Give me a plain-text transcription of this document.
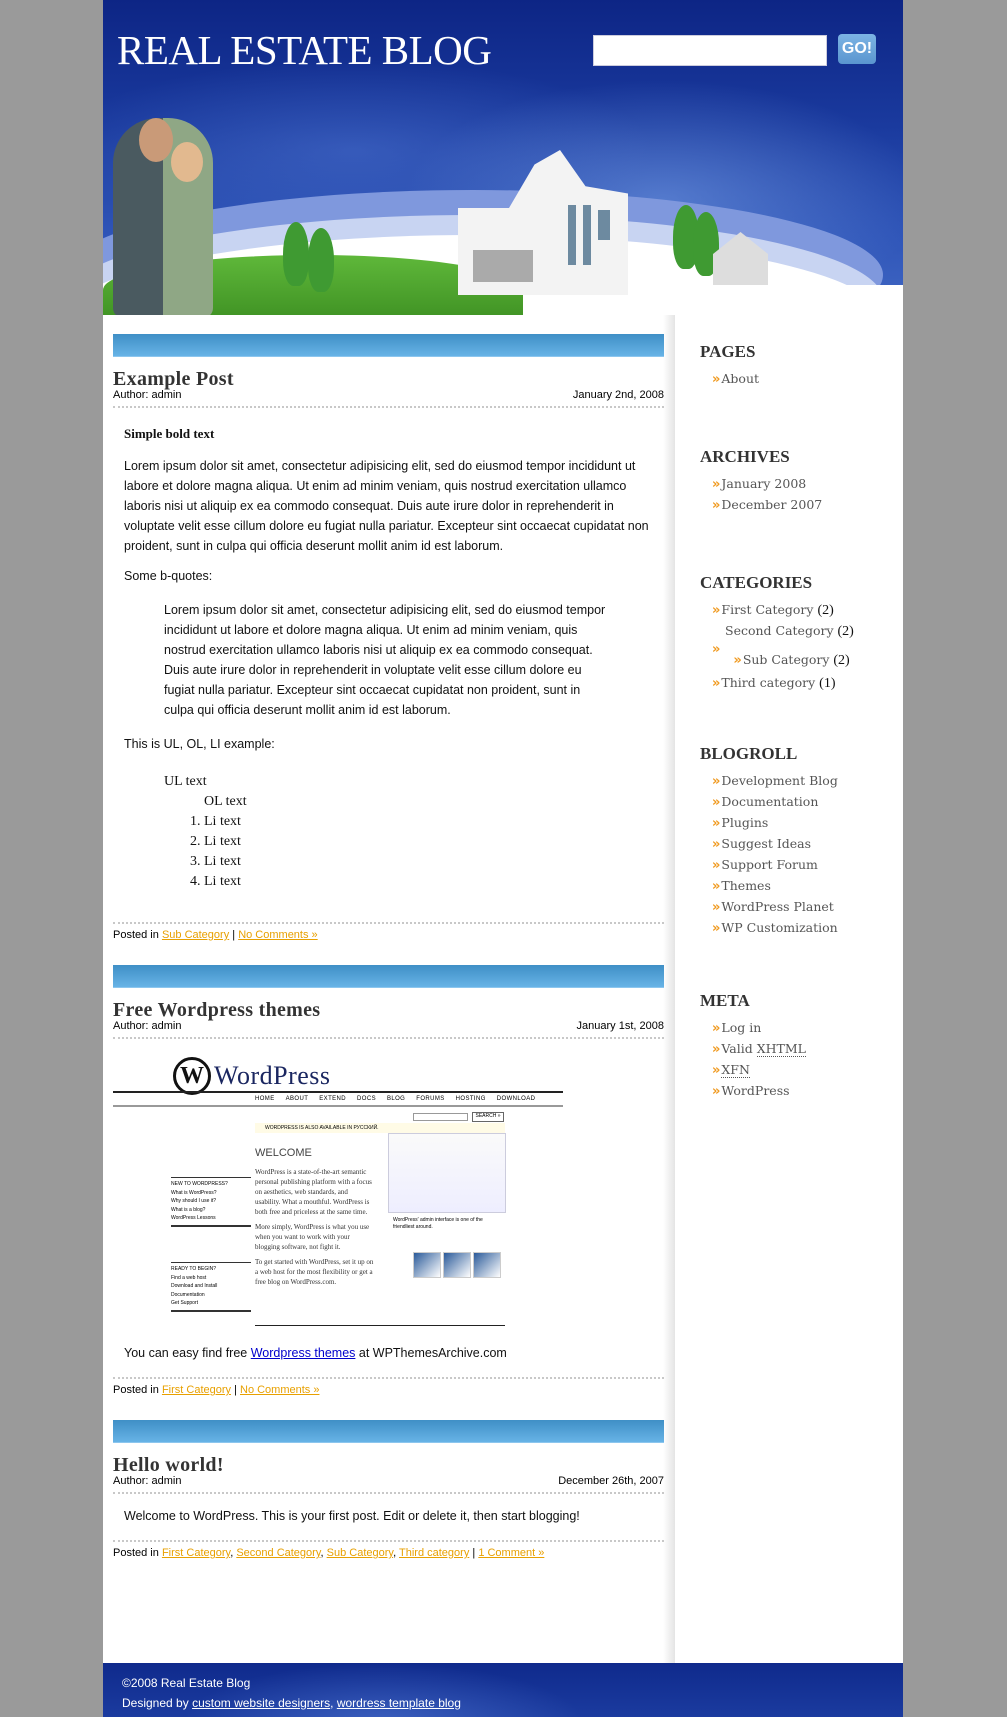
REAL ESTATE BLOG	GO!
Example Post
Author: admin	January 2nd, 2008
Simple bold text

Lorem ipsum dolor sit amet, consectetur adipisicing elit, sed do eiusmod tempor incididunt ut labore et dolore magna aliqua. Ut enim ad minim veniam, quis nostrud exercitation ullamco laboris nisi ut aliquip ex ea commodo consequat. Duis aute irure dolor in reprehenderit in voluptate velit esse cillum dolore eu fugiat nulla pariatur. Excepteur sint occaecat cupidatat non proident, sunt in culpa qui officia deserunt mollit anim id est laborum.

Some b-quotes:

Lorem ipsum dolor sit amet, consectetur adipisicing elit, sed do eiusmod tempor incididunt ut labore et dolore magna aliqua. Ut enim ad minim veniam, quis nostrud exercitation ullamco laboris nisi ut aliquip ex ea commodo consequat. Duis aute irure dolor in reprehenderit in voluptate velit esse cillum dolore eu fugiat nulla pariatur. Excepteur sint occaecat cupidatat non proident, sunt in culpa qui officia deserunt mollit anim id est laborum.

This is UL, OL, LI example:

UL text
OL text
1. Li text
2. Li text
3. Li text
4. Li text
Posted in Sub Category | No Comments »
Free Wordpress themes
Author: admin	January 1st, 2008
W WordPress
HOME ABOUT EXTEND DOCS BLOG FORUMS HOSTING DOWNLOAD
SEARCH »
WORDPRESS IS ALSO AVAILABLE IN РУССКИЙ.
WELCOME
WordPress is a state-of-the-art semantic personal publishing platform with a focus on aesthetics, web standards, and usability. What a mouthful. WordPress is both free and priceless at the same time.
More simply, WordPress is what you use when you want to work with your blogging software, not fight it.
To get started with WordPress, set it up on a web host for the most flexibility or get a free blog on WordPress.com.
NEW TO WORDPRESS?
What is WordPress?
Why should I use it?
What is a blog?
WordPress Lessons
READY TO BEGIN?
Find a web host
Download and Install
Documentation
Get Support
WordPress' admin interface is one of the friendliest around.

You can easy find free Wordpress themes at WPThemesArchive.com

Posted in First Category | No Comments »
Hello world!
Author: admin	December 26th, 2007

Welcome to WordPress. This is your first post. Edit or delete it, then start blogging!

Posted in First Category, Second Category, Sub Category, Third category | 1 Comment »
PAGES
»About
ARCHIVES
»January 2008
»December 2007
CATEGORIES
»First Category (2)
Second Category (2)
»»Sub Category (2)
»Third category (1)
BLOGROLL
»Development Blog
»Documentation
»Plugins
»Suggest Ideas
»Support Forum
»Themes
»WordPress Planet
»WP Customization
META
»Log in
»Valid XHTML
»XFN
»WordPress
©2008 Real Estate Blog
Designed by custom website designers, wordress template blog
